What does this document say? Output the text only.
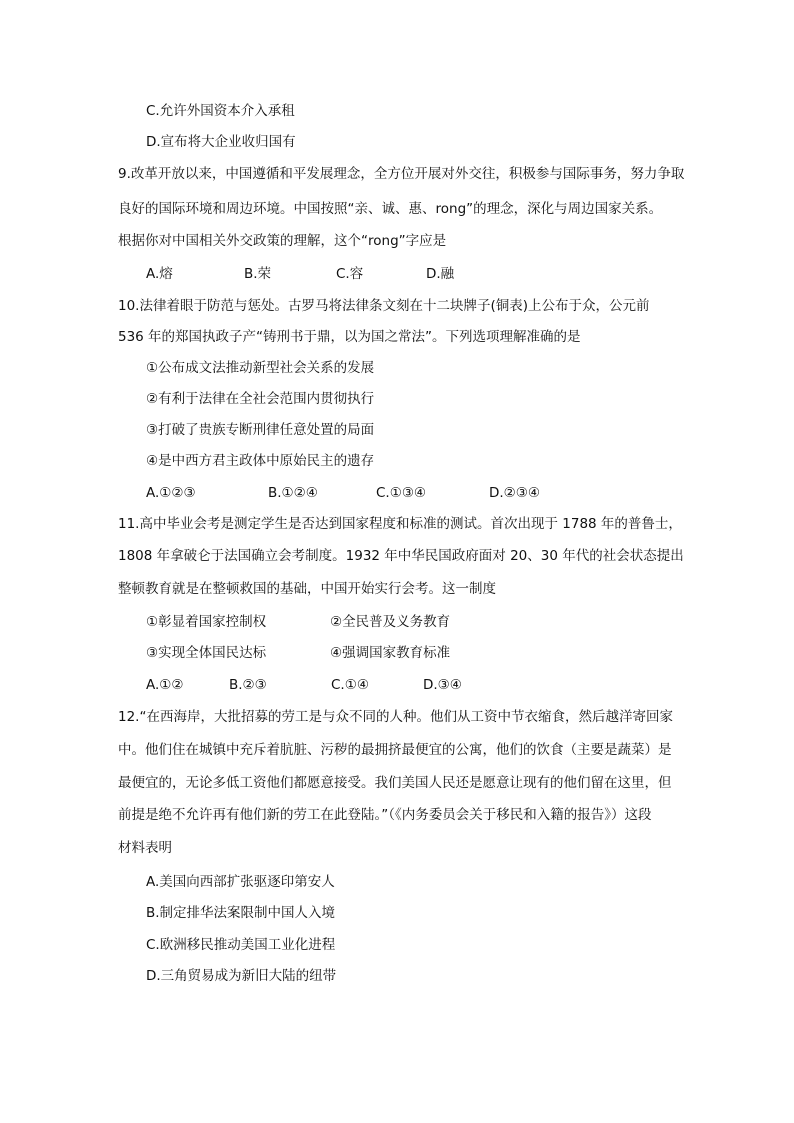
C.允许外国资本介入承租
D.宣布将大企业收归国有
9.改革开放以来，中国遵循和平发展理念，全方位开展对外交往，积极参与国际事务，努力争取
良好的国际环境和周边环境。中国按照“亲、诚、惠、rong”的理念，深化与周边国家关系。
根据你对中国相关外交政策的理解，这个“rong”字应是
A.熔	B.荣	C.容	D.融
10.法律着眼于防范与惩处。古罗马将法律条文刻在十二块牌子(铜表)上公布于众，公元前
536 年的郑国执政子产“铸刑书于鼎，以为国之常法”。下列选项理解准确的是
①公布成文法推动新型社会关系的发展
②有利于法律在全社会范围内贯彻执行
③打破了贵族专断刑律任意处置的局面
④是中西方君主政体中原始民主的遗存
A.①②③	B.①②④	C.①③④	D.②③④
11.高中毕业会考是测定学生是否达到国家程度和标准的测试。首次出现于 1788 年的普鲁士，
1808 年拿破仑于法国确立会考制度。1932 年中华民国政府面对 20、30 年代的社会状态提出
整顿教育就是在整顿救国的基础，中国开始实行会考。这一制度
①彰显着国家控制权	②全民普及义务教育
③实现全体国民达标	④强调国家教育标准
A.①②	B.②③	C.①④	D.③④
12.“在西海岸，大批招募的劳工是与众不同的人种。他们从工资中节衣缩食，然后越洋寄回家
中。他们住在城镇中充斥着肮脏、污秽的最拥挤最便宜的公寓，他们的饮食（主要是蔬菜）是
最便宜的，无论多低工资他们都愿意接受。我们美国人民还是愿意让现有的他们留在这里，但
前提是绝不允许再有他们新的劳工在此登陆。”（《内务委员会关于移民和入籍的报告》）这段
材料表明
A.美国向西部扩张驱逐印第安人
B.制定排华法案限制中国人入境
C.欧洲移民推动美国工业化进程
D.三角贸易成为新旧大陆的纽带
